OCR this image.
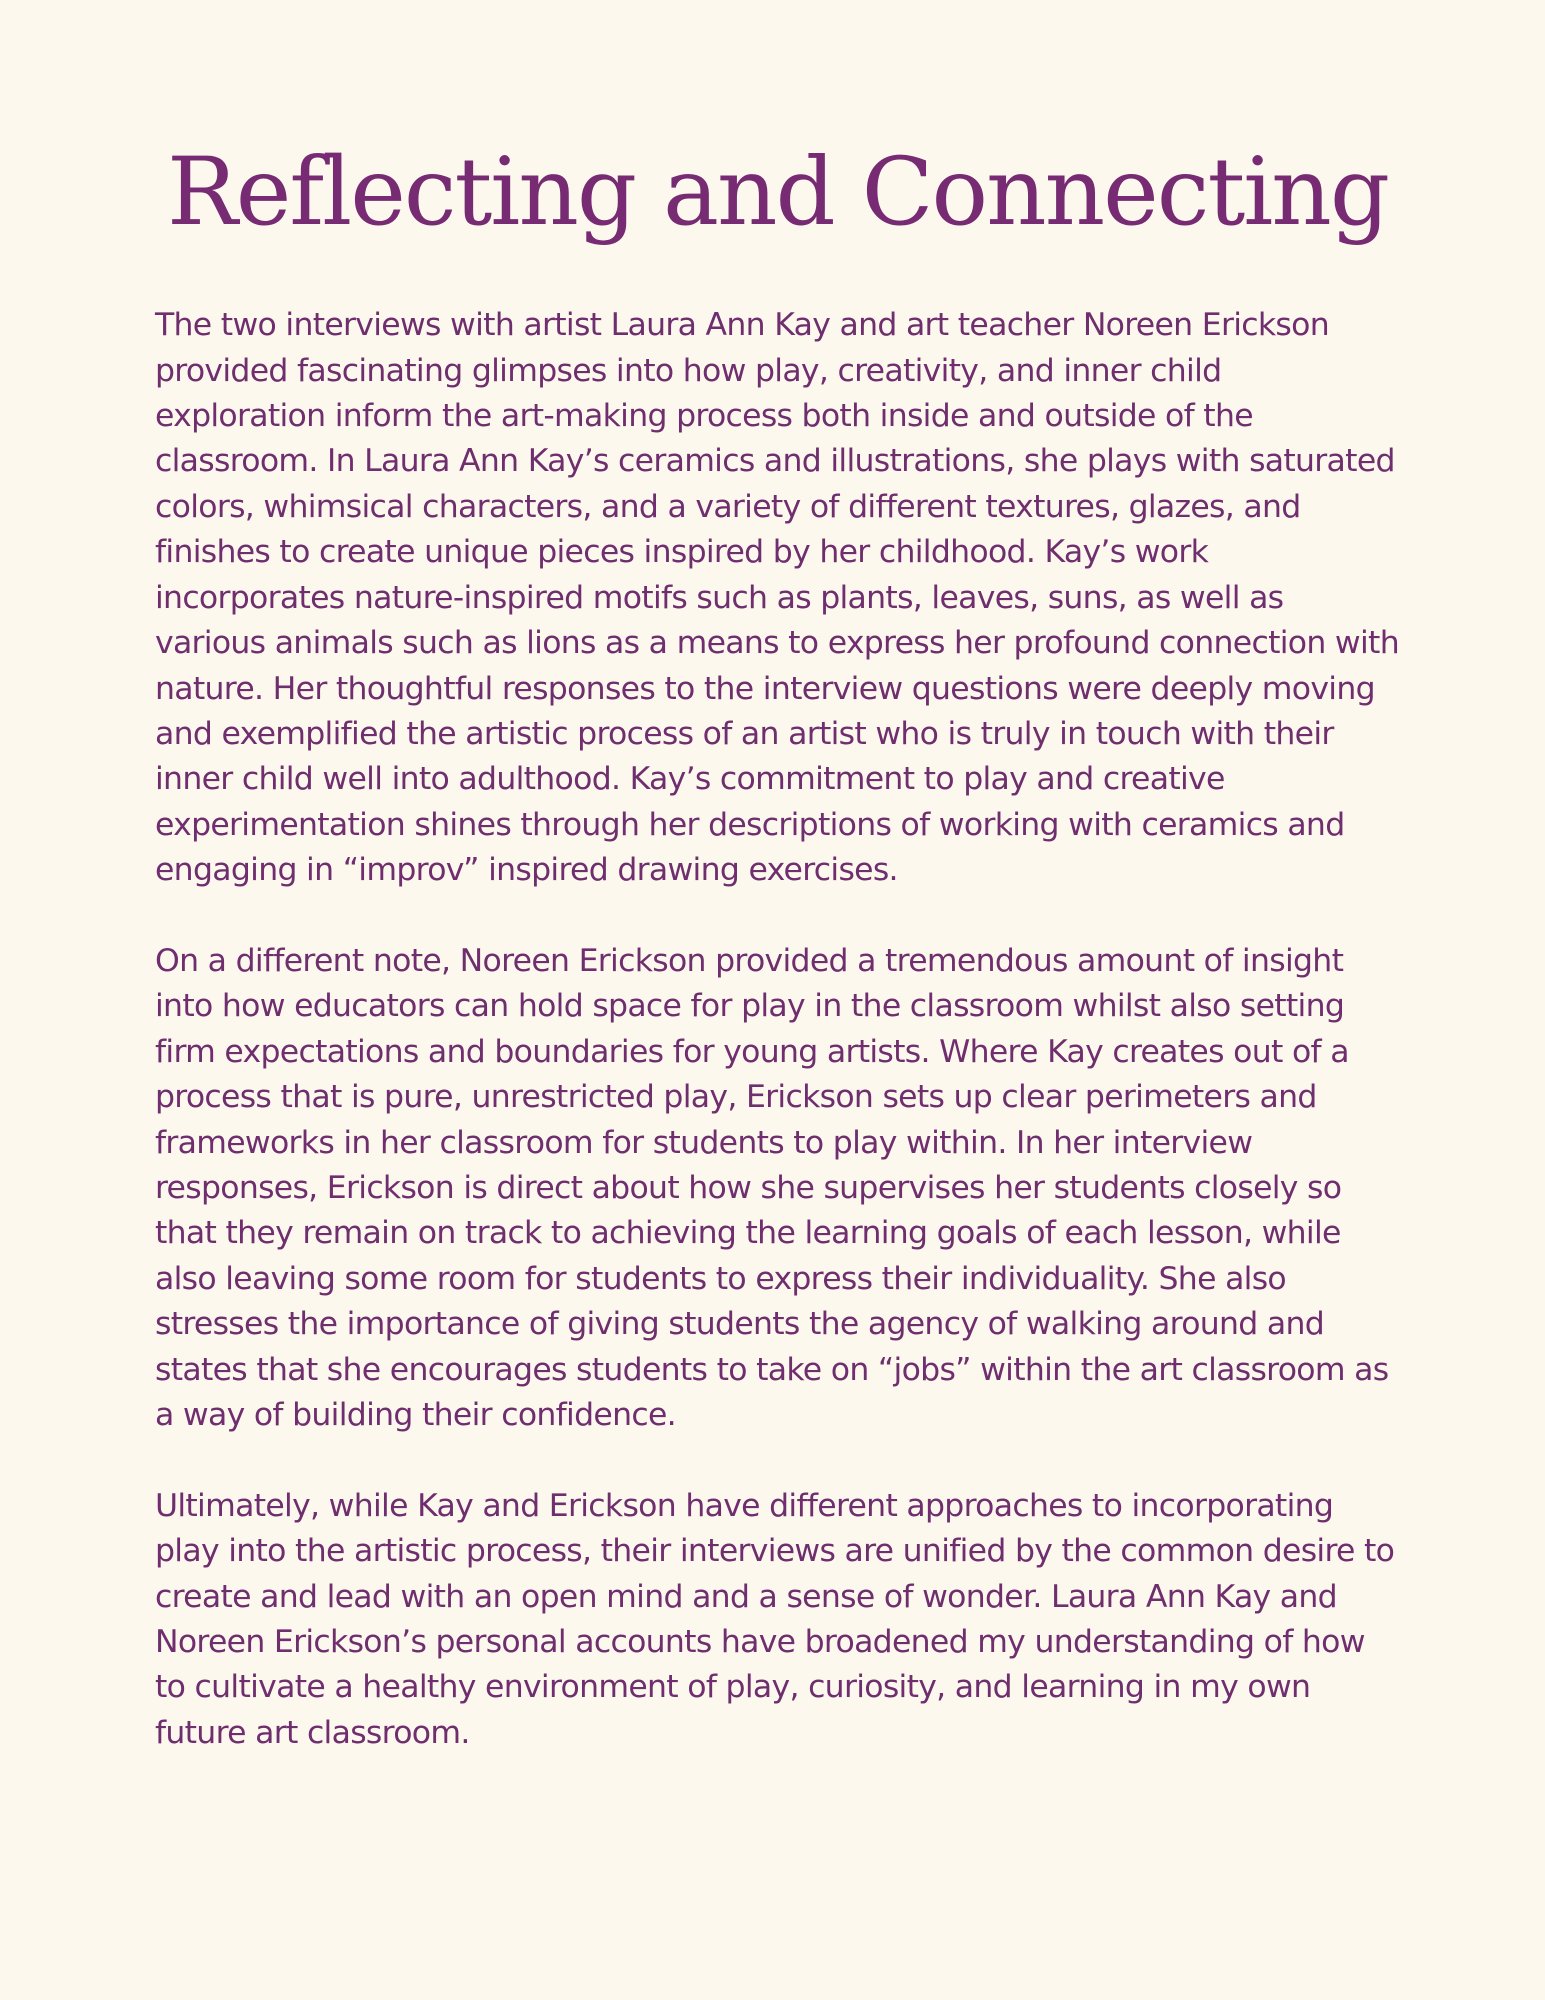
Reflecting and Connecting

The two interviews with artist Laura Ann Kay and art teacher Noreen Erickson provided fascinating glimpses into how play, creativity, and inner child exploration inform the art-making process both inside and outside of the classroom. In Laura Ann Kay’s ceramics and illustrations, she plays with saturated colors, whimsical characters, and a variety of different textures, glazes, and finishes to create unique pieces inspired by her childhood. Kay’s work incorporates nature-inspired motifs such as plants, leaves, suns, as well as various animals such as lions as a means to express her profound connection with nature. Her thoughtful responses to the interview questions were deeply moving and exemplified the artistic process of an artist who is truly in touch with their inner child well into adulthood. Kay’s commitment to play and creative experimentation shines through her descriptions of working with ceramics and engaging in “improv” inspired drawing exercises.

On a different note, Noreen Erickson provided a tremendous amount of insight into how educators can hold space for play in the classroom whilst also setting firm expectations and boundaries for young artists. Where Kay creates out of a process that is pure, unrestricted play, Erickson sets up clear perimeters and frameworks in her classroom for students to play within. In her interview responses, Erickson is direct about how she supervises her students closely so that they remain on track to achieving the learning goals of each lesson, while also leaving some room for students to express their individuality. She also stresses the importance of giving students the agency of walking around and states that she encourages students to take on “jobs” within the art classroom as a way of building their confidence.

Ultimately, while Kay and Erickson have different approaches to incorporating play into the artistic process, their interviews are unified by the common desire to create and lead with an open mind and a sense of wonder. Laura Ann Kay and Noreen Erickson’s personal accounts have broadened my understanding of how to cultivate a healthy environment of play, curiosity, and learning in my own future art classroom.
